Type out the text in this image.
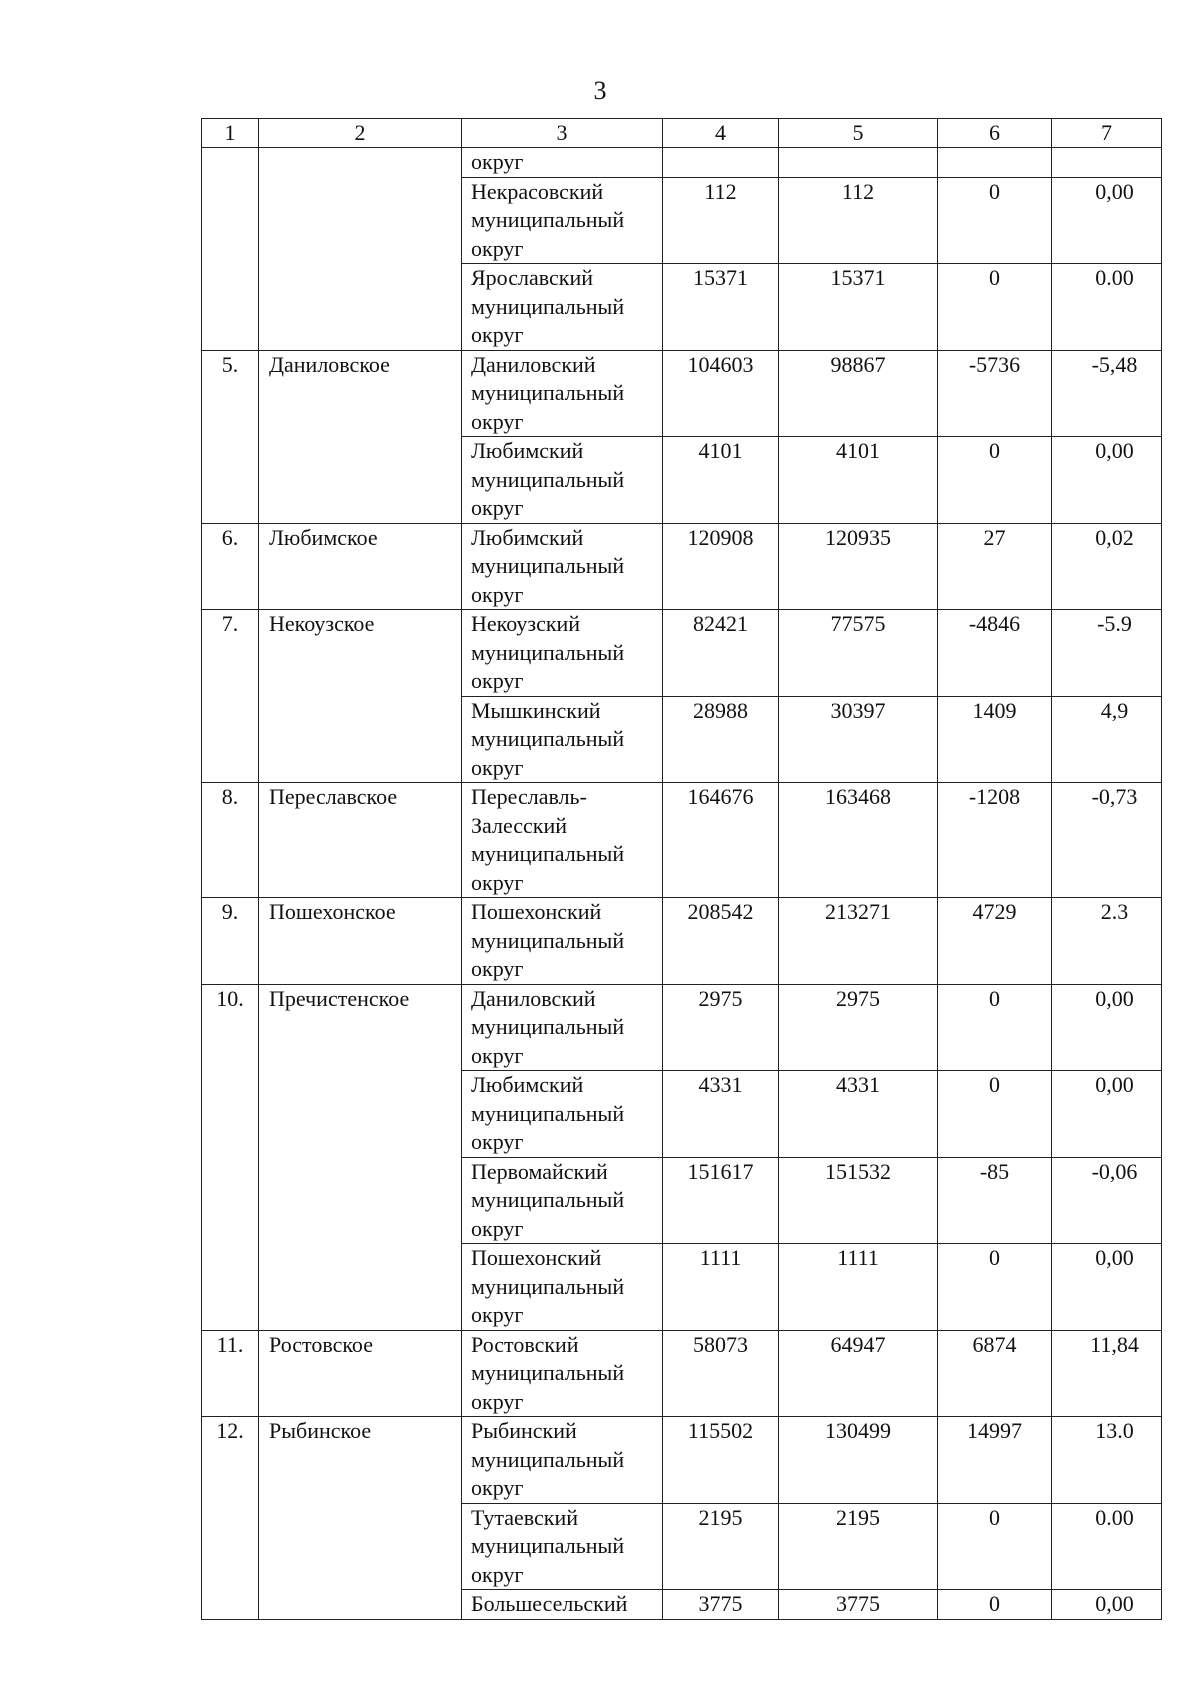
3
1	2	3	4	5	6	7
		округ				
		Некрасовский муниципальный округ	112	112	0	0,00
		Ярославский муниципальный округ	15371	15371	0	0.00
5.	Даниловское	Даниловский муниципальный округ	104603	98867	-5736	-5,48
		Любимский муниципальный округ	4101	4101	0	0,00
6.	Любимское	Любимский муниципальный округ	120908	120935	27	0,02
7.	Некоузское	Некоузский муниципальный округ	82421	77575	-4846	-5.9
		Мышкинский муниципальный округ	28988	30397	1409	4,9
8.	Переславское	Переславль-Залесский муниципальный округ	164676	163468	-1208	-0,73
9.	Пошехонское	Пошехонский муниципальный округ	208542	213271	4729	2.3
10.	Пречистенское	Даниловский муниципальный округ	2975	2975	0	0,00
		Любимский муниципальный округ	4331	4331	0	0,00
		Первомайский муниципальный округ	151617	151532	-85	-0,06
		Пошехонский муниципальный округ	1111	1111	0	0,00
11.	Ростовское	Ростовский муниципальный округ	58073	64947	6874	11,84
12.	Рыбинское	Рыбинский муниципальный округ	115502	130499	14997	13.0
		Тутаевский муниципальный округ	2195	2195	0	0.00
		Большесельский	3775	3775	0	0,00
